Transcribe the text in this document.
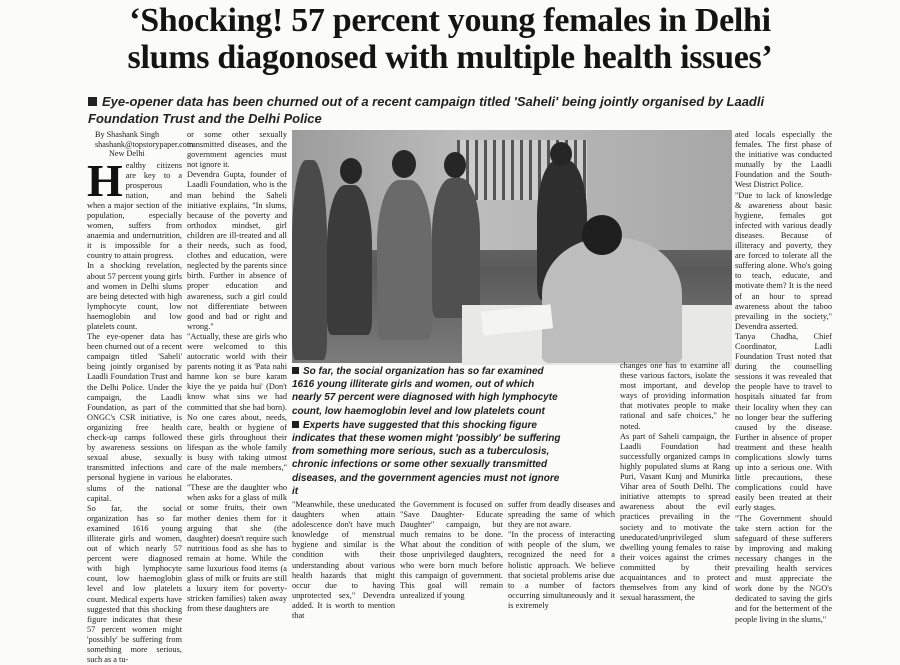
‘Shocking! 57 percent young females in Delhi
slums diagonosed with multiple health issues’
Eye-opener data has been churned out of a recent campaign titled 'Saheli' being jointly organised by Laadli Foundation Trust and the Delhi Police
By Shashank Singh
shashank@topstorypaper.com
New Delhi
Healthy citizens are key to a prosperous nation, and when a major section of the population, especially women, suffers from anaemia and undernutrition, it is impossible for a country to attain progress.

In a shocking revelation, about 57 percent young girls and women in Delhi slums are being detected with high lymphocyte count, low haemoglobin and low platelets count.

The eye-opener data has been churned out of a recent campaign titled 'Saheli' being jointly organised by Laadli Foundation Trust and the Delhi Police. Under the campaign, the Laadli Foundation, as part of the ONGC's CSR initiative, is organizing free health check-up camps followed by awareness sessions on sexual abuse, sexually transmitted infections and personal hygiene in various slums of the national capital.

So far, the social organization has so far examined 1616 young illiterate girls and women, out of which nearly 57 percent were diagnosed with high lymphocyte count, low haemoglobin level and low platelets count. Medical experts have suggested that this shocking figure indicates that these 57 percent women might 'possibly' be suffering from something more serious, such as a tu-

or some other sexually transmitted diseases, and the government agencies must not ignore it.

Devendra Gupta, founder of Laadli Foundation, who is the man behind the Saheli initiative explains, "In slums, because of the poverty and orthodox mindset, girl children are ill-treated and all their needs, such as food, clothes and education, were neglected by the parents since birth. Further in absence of proper education and awareness, such a girl could not differentiate between good and bad or right and wrong."

"Actually, these are girls who were welcomed to this autocratic world with their parents noting it as 'Pata nahi hamne kon se bure karam kiye the ye paida hui' (Don't know what sins we had committed that she had born). No one cares about, needs, care, health or hygiene of these girls throughout their lifespan as the whole family is busy with taking utmost care of the male members," he elaborates.

"These are the daughter who when asks for a glass of milk or some fruits, their own mother denies them for it arguing that she (the daughter) doesn't require such nutritious food as she has to remain at home. While the same luxurious food items (a glass of milk or fruits are still a luxury item for poverty-stricken families) taken away from these daughters are

So far, the social organization has so far examined 1616 young illiterate girls and women, out of which nearly 57 percent were diagnosed with high lymphocyte count, low haemoglobin level and low platelets count
Experts have suggested that this shocking figure indicates that these women might 'possibly' be suffering from something more serious, such as a tuberculosis, chronic infections or some other sexually transmitted diseases, and the government agencies must not ignore it

"Meanwhile, these uneducated daughters when attain adolescence don't have much knowledge of menstrual hygiene and similar is the condition with their understanding about various health hazards that might occur due to having unprotected sex," Devendra added. It is worth to mention that

the Government is focused on "Save Daughter- Educate Daughter" campaign, but much remains to be done. What about the condition of those unprivileged daughters, who were born much before this campaign of government. This goal will remain unrealized if young

suffer from deadly diseases and spreading the same of which they are not aware.

"In the process of interacting with people of the slum, we recognized the need for a holistic approach. We believe that societal problems arise due to a number of factors occurring simultaneously and it is extremely

changes one has to examine all these various factors, isolate the most important, and develop ways of providing information that motivates people to make rational and safe choices," he noted.

As part of Saheli campaign, the Laadli Foundation had successfully organized camps in highly populated slums at Rang Puri, Vasant Kunj and Munirka Vihar area of South Delhi. The initiative attempts to spread awareness about the evil practices prevailing in the society and to motivate the uneducated/unprivileged slum dwelling young females to raise their voices against the crimes committed by their acquaintances and to protect themselves from any kind of sexual harassment, the

ated locals especially the females. The first phase of the initiative was conducted mutually by the Laadli Foundation and the South-West District Police.

"Due to lack of knowledge & awareness about basic hygiene, females got infected with various deadly diseases. Because of illiteracy and poverty, they are forced to tolerate all the suffering alone. Who's going to teach, educate, and motivate them? It is the need of an hour to spread awareness about the taboo prevailing in the society," Devendra asserted.

Tanya Chadha, Chief Coordinator, Ladli Foundation Trust noted that during the counselling sessions it was revealed that the people have to travel to hospitals situated far from their locality when they can no longer bear the suffering caused by the disease. Further in absence of proper treatment and these health complications slowly turns up into a serious one. With little precautions, these complications could have easily been treated at their early stages.

"The Government should take stern action for the safeguard of these sufferers by improving and making necessary changes in the prevailing health services and must appreciate the work done by the NGO's dedicated to saving the girls and for the betterment of the people living in the slums,"
